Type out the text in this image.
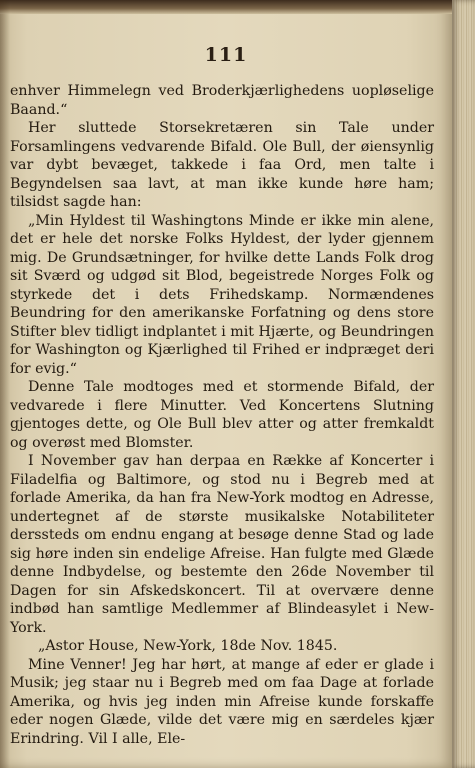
111

enhver Himmelegn ved Broderkjærlighedens uopløselige Baand.“

Her sluttede Storsekretæren sin Tale under Forsamlingens vedvarende Bifald. Ole Bull, der øiensynlig var dybt bevæget, takkede i faa Ord, men talte i Begyndelsen saa lavt, at man ikke kunde høre ham; tilsidst sagde han:

„Min Hyldest til Washingtons Minde er ikke min alene, det er hele det norske Folks Hyldest, der lyder gjennem mig. De Grundsætninger, for hvilke dette Lands Folk drog sit Sværd og udgød sit Blod, begeistrede Norges Folk og styrkede det i dets Frihedskamp. Normændenes Beundring for den amerikanske Forfatning og dens store Stifter blev tidligt indplantet i mit Hjærte, og Beundringen for Washington og Kjærlighed til Frihed er indpræget deri for evig.“

Denne Tale modtoges med et stormende Bifald, der vedvarede i flere Minutter. Ved Koncertens Slutning gjentoges dette, og Ole Bull blev atter og atter fremkaldt og overøst med Blomster.

I November gav han derpaa en Række af Koncerter i Filadelfia og Baltimore, og stod nu i Begreb med at forlade Amerika, da han fra New-York modtog en Adresse, undertegnet af de største musikalske Notabiliteter derssteds om endnu engang at besøge denne Stad og lade sig høre inden sin endelige Afreise. Han fulgte med Glæde denne Indbydelse, og bestemte den 26de November til Dagen for sin Afskedskoncert. Til at overvære denne indbød han samtlige Medlemmer af Blindeasylet i New-York.

„Astor House, New-York, 18de Nov. 1845.

Mine Venner! Jeg har hørt, at mange af eder er glade i Musik; jeg staar nu i Begreb med om faa Dage at forlade Amerika, og hvis jeg inden min Afreise kunde forskaffe eder nogen Glæde, vilde det være mig en særdeles kjær Erindring. Vil I alle, Ele-
